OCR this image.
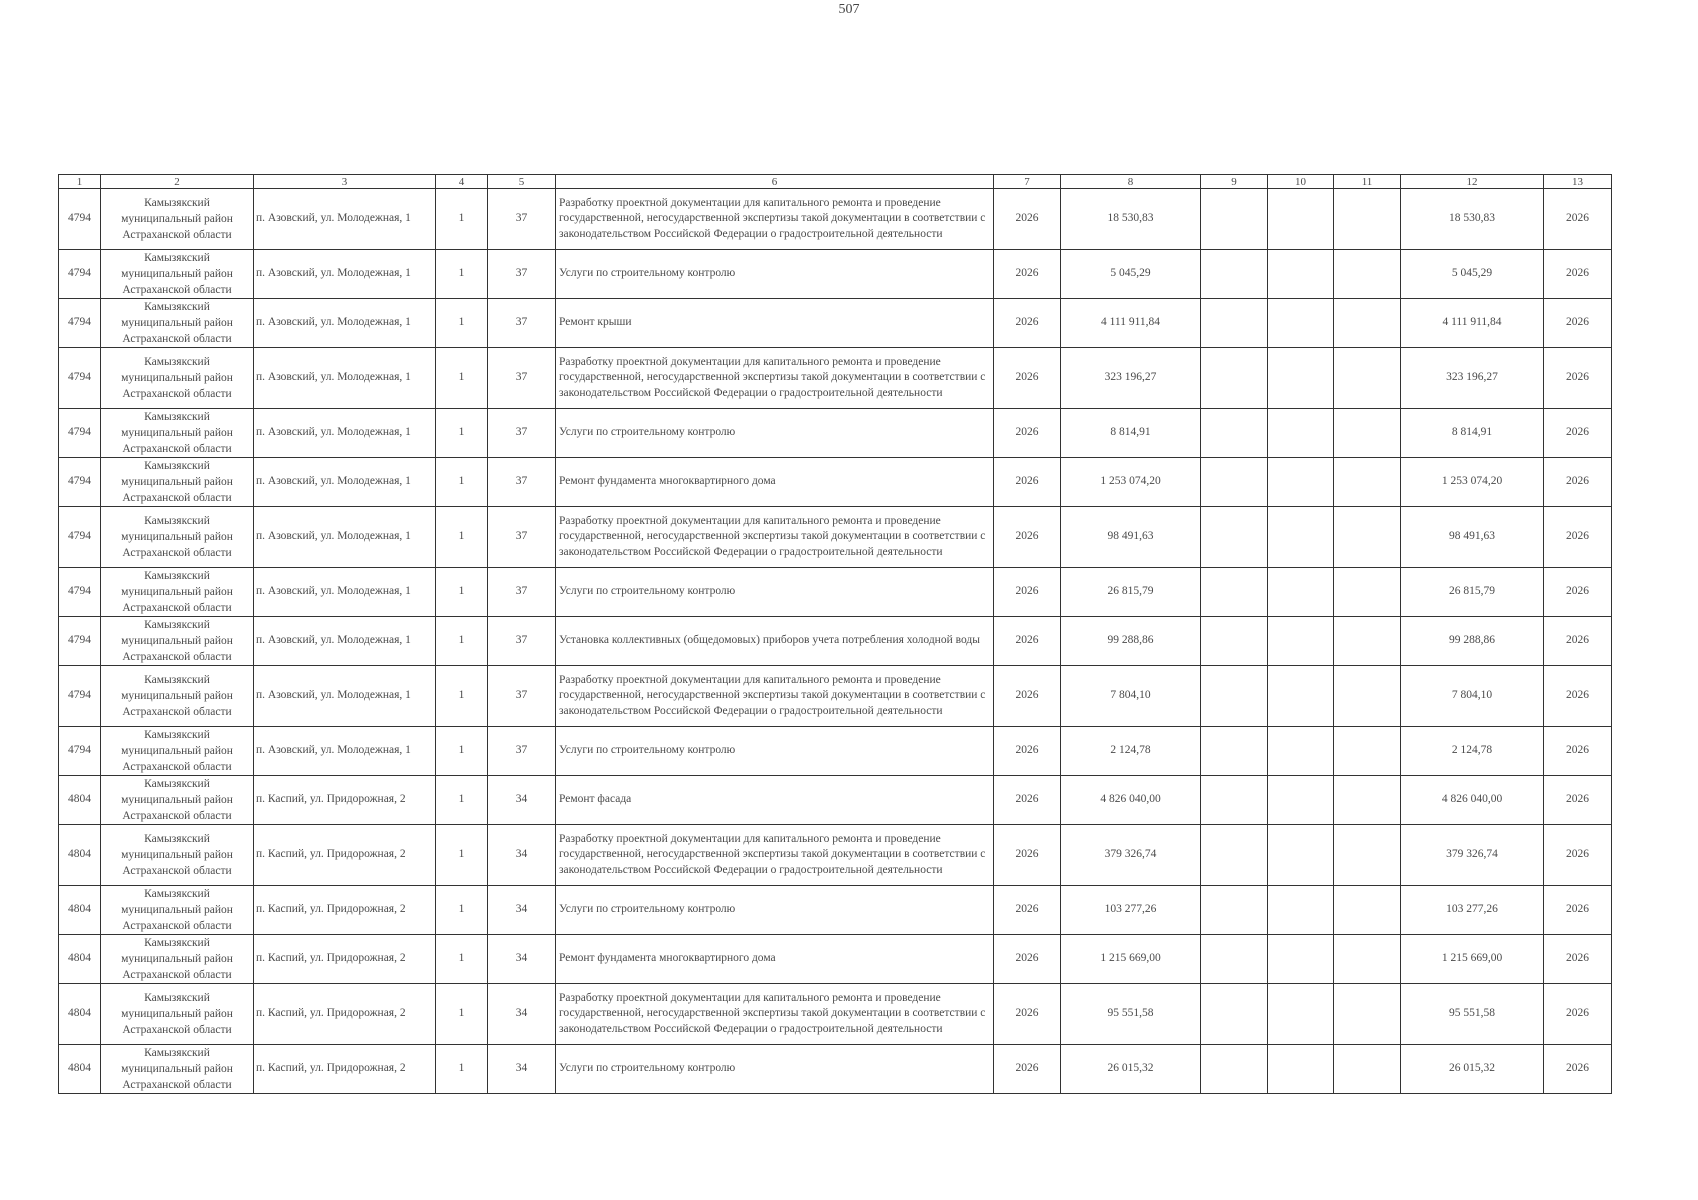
507
1	2	3	4	5	6	7	8	9	10	11	12	13
4794	Камызякский муниципальный район Астраханской области	п. Азовский, ул. Молодежная, 1	1	37	Разработку проектной документации для капитального ремонта и проведение государственной, негосударственной экспертизы такой документации в соответствии с законодательством Российской Федерации о градостроительной деятельности	2026	18 530,83				18 530,83	2026
4794	Камызякский муниципальный район Астраханской области	п. Азовский, ул. Молодежная, 1	1	37	Услуги по строительному контролю	2026	5 045,29				5 045,29	2026
4794	Камызякский муниципальный район Астраханской области	п. Азовский, ул. Молодежная, 1	1	37	Ремонт крыши	2026	4 111 911,84				4 111 911,84	2026
4794	Камызякский муниципальный район Астраханской области	п. Азовский, ул. Молодежная, 1	1	37	Разработку проектной документации для капитального ремонта и проведение государственной, негосударственной экспертизы такой документации в соответствии с законодательством Российской Федерации о градостроительной деятельности	2026	323 196,27				323 196,27	2026
4794	Камызякский муниципальный район Астраханской области	п. Азовский, ул. Молодежная, 1	1	37	Услуги по строительному контролю	2026	8 814,91				8 814,91	2026
4794	Камызякский муниципальный район Астраханской области	п. Азовский, ул. Молодежная, 1	1	37	Ремонт фундамента многоквартирного дома	2026	1 253 074,20				1 253 074,20	2026
4794	Камызякский муниципальный район Астраханской области	п. Азовский, ул. Молодежная, 1	1	37	Разработку проектной документации для капитального ремонта и проведение государственной, негосударственной экспертизы такой документации в соответствии с законодательством Российской Федерации о градостроительной деятельности	2026	98 491,63				98 491,63	2026
4794	Камызякский муниципальный район Астраханской области	п. Азовский, ул. Молодежная, 1	1	37	Услуги по строительному контролю	2026	26 815,79				26 815,79	2026
4794	Камызякский муниципальный район Астраханской области	п. Азовский, ул. Молодежная, 1	1	37	Установка коллективных (общедомовых) приборов учета потребления холодной воды	2026	99 288,86				99 288,86	2026
4794	Камызякский муниципальный район Астраханской области	п. Азовский, ул. Молодежная, 1	1	37	Разработку проектной документации для капитального ремонта и проведение государственной, негосударственной экспертизы такой документации в соответствии с законодательством Российской Федерации о градостроительной деятельности	2026	7 804,10				7 804,10	2026
4794	Камызякский муниципальный район Астраханской области	п. Азовский, ул. Молодежная, 1	1	37	Услуги по строительному контролю	2026	2 124,78				2 124,78	2026
4804	Камызякский муниципальный район Астраханской области	п. Каспий, ул. Придорожная, 2	1	34	Ремонт фасада	2026	4 826 040,00				4 826 040,00	2026
4804	Камызякский муниципальный район Астраханской области	п. Каспий, ул. Придорожная, 2	1	34	Разработку проектной документации для капитального ремонта и проведение государственной, негосударственной экспертизы такой документации в соответствии с законодательством Российской Федерации о градостроительной деятельности	2026	379 326,74				379 326,74	2026
4804	Камызякский муниципальный район Астраханской области	п. Каспий, ул. Придорожная, 2	1	34	Услуги по строительному контролю	2026	103 277,26				103 277,26	2026
4804	Камызякский муниципальный район Астраханской области	п. Каспий, ул. Придорожная, 2	1	34	Ремонт фундамента многоквартирного дома	2026	1 215 669,00				1 215 669,00	2026
4804	Камызякский муниципальный район Астраханской области	п. Каспий, ул. Придорожная, 2	1	34	Разработку проектной документации для капитального ремонта и проведение государственной, негосударственной экспертизы такой документации в соответствии с законодательством Российской Федерации о градостроительной деятельности	2026	95 551,58				95 551,58	2026
4804	Камызякский муниципальный район Астраханской области	п. Каспий, ул. Придорожная, 2	1	34	Услуги по строительному контролю	2026	26 015,32				26 015,32	2026
